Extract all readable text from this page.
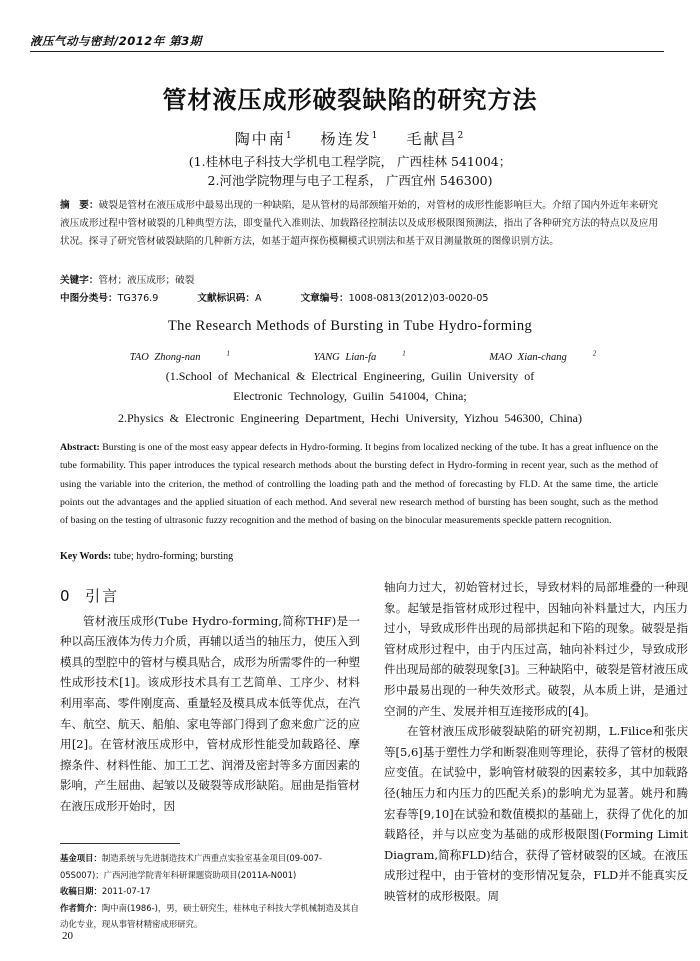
液压气动与密封/2012年 第3期
管材液压成形破裂缺陷的研究方法
陶中南$^1$ 杨连发$^1$ 毛献昌$^2$
(1.桂林电子科技大学机电工程学院， 广西桂林 541004；
2.河池学院物理与电子工程系， 广西宜州 546300)
摘　要：破裂是管材在液压成形中最易出现的一种缺陷，是从管材的局部颈缩开始的，对管材的成形性能影响巨大。介绍了国内外近年来研究液压成形过程中管材破裂的几种典型方法，即变量代入准则法、加载路径控制法以及成形极限图预测法，指出了各种研究方法的特点以及应用状况。探寻了研究管材破裂缺陷的几种新方法，如基于超声探伤模糊模式识别法和基于双目测量散斑的图像识别方法。
关键字：管材；液压成形；破裂
中图分类号：TG376.9	文献标识码：A	文章编号：1008-0813(2012)03-0020-05
The Research Methods of Bursting in Tube Hydro-forming
TAO Zhong-nan	$^1$	YANG Lian-fa	$^1$	MAO Xian-chang	$^2$
(1.School of Mechanical & Electrical Engineering, Guilin University of
Electronic Technology, Guilin 541004, China;
2.Physics & Electronic Engineering Department, Hechi University, Yizhou 546300, China)
Abstract: Bursting is one of the most easy appear defects in Hydro-forming. It begins from localized necking of the tube. It has a great influence on the tube formability. This paper introduces the typical research methods about the bursting defect in Hydro-forming in recent year, such as the method of using the variable into the criterion, the method of controlling the loading path and the method of forecasting by FLD. At the same time, the article points out the advantages and the applied situation of each method. And several new research method of bursting has been sought, such as the method of basing on the testing of ultrasonic fuzzy recognition and the method of basing on the binocular measurements speckle pattern recognition.
Key Words: tube; hydro-forming; bursting
0 引言

管材液压成形(Tube Hydro-forming,简称THF)是一种以高压液体为传力介质，再辅以适当的轴压力，使压入到模具的型腔中的管材与模具贴合，成形为所需零件的一种塑性成形技术[1]。该成形技术具有工艺简单、工序少、材料利用率高、零件刚度高、重量轻及模具成本低等优点，在汽车、航空、航天、船舶、家电等部门得到了愈来愈广泛的应用[2]。在管材液压成形中，管材成形性能受加载路径、摩擦条件、材料性能、加工工艺、润滑及密封等多方面因素的影响，产生屈曲、起皱以及破裂等成形缺陷。屈曲是指管材在液压成形开始时，因

轴向力过大，初始管材过长，导致材料的局部堆叠的一种现象。起皱是指管材成形过程中，因轴向补料量过大，内压力过小，导致成形件出现的局部拱起和下陷的现象。破裂是指管材成形过程中，由于内压过高，轴向补料过少，导致成形件出现局部的破裂现象[3]。三种缺陷中，破裂是管材液压成形中最易出现的一种失效形式。破裂，从本质上讲，是通过空洞的产生、发展并相互连接形成的[4]。

在管材液压成形破裂缺陷的研究初期，L.Filice和张庆等[5,6]基于塑性力学和断裂准则等理论，获得了管材的极限应变值。在试验中，影响管材破裂的因素较多，其中加载路径(轴压力和内压力的匹配关系)的影响尤为显著。姚丹和腾宏春等[9,10]在试验和数值模拟的基础上，获得了优化的加载路径，并与以应变为基础的成形极限图(Forming Limit Diagram,简称FLD)结合，获得了管材破裂的区域。在液压成形过程中，由于管材的变形情况复杂，FLD并不能真实反映管材的成形极限。周

基金项目：制造系统与先进制造技术广西重点实验室基金项目(09-007-05S007)；广西河池学院青年科研课题资助项目(2011A-N001)
收稿日期：2011-07-17
作者简介：陶中南(1986-)，男，硕士研究生，桂林电子科技大学机械制造及其自动化专业，现从事管材精密成形研究。
20
